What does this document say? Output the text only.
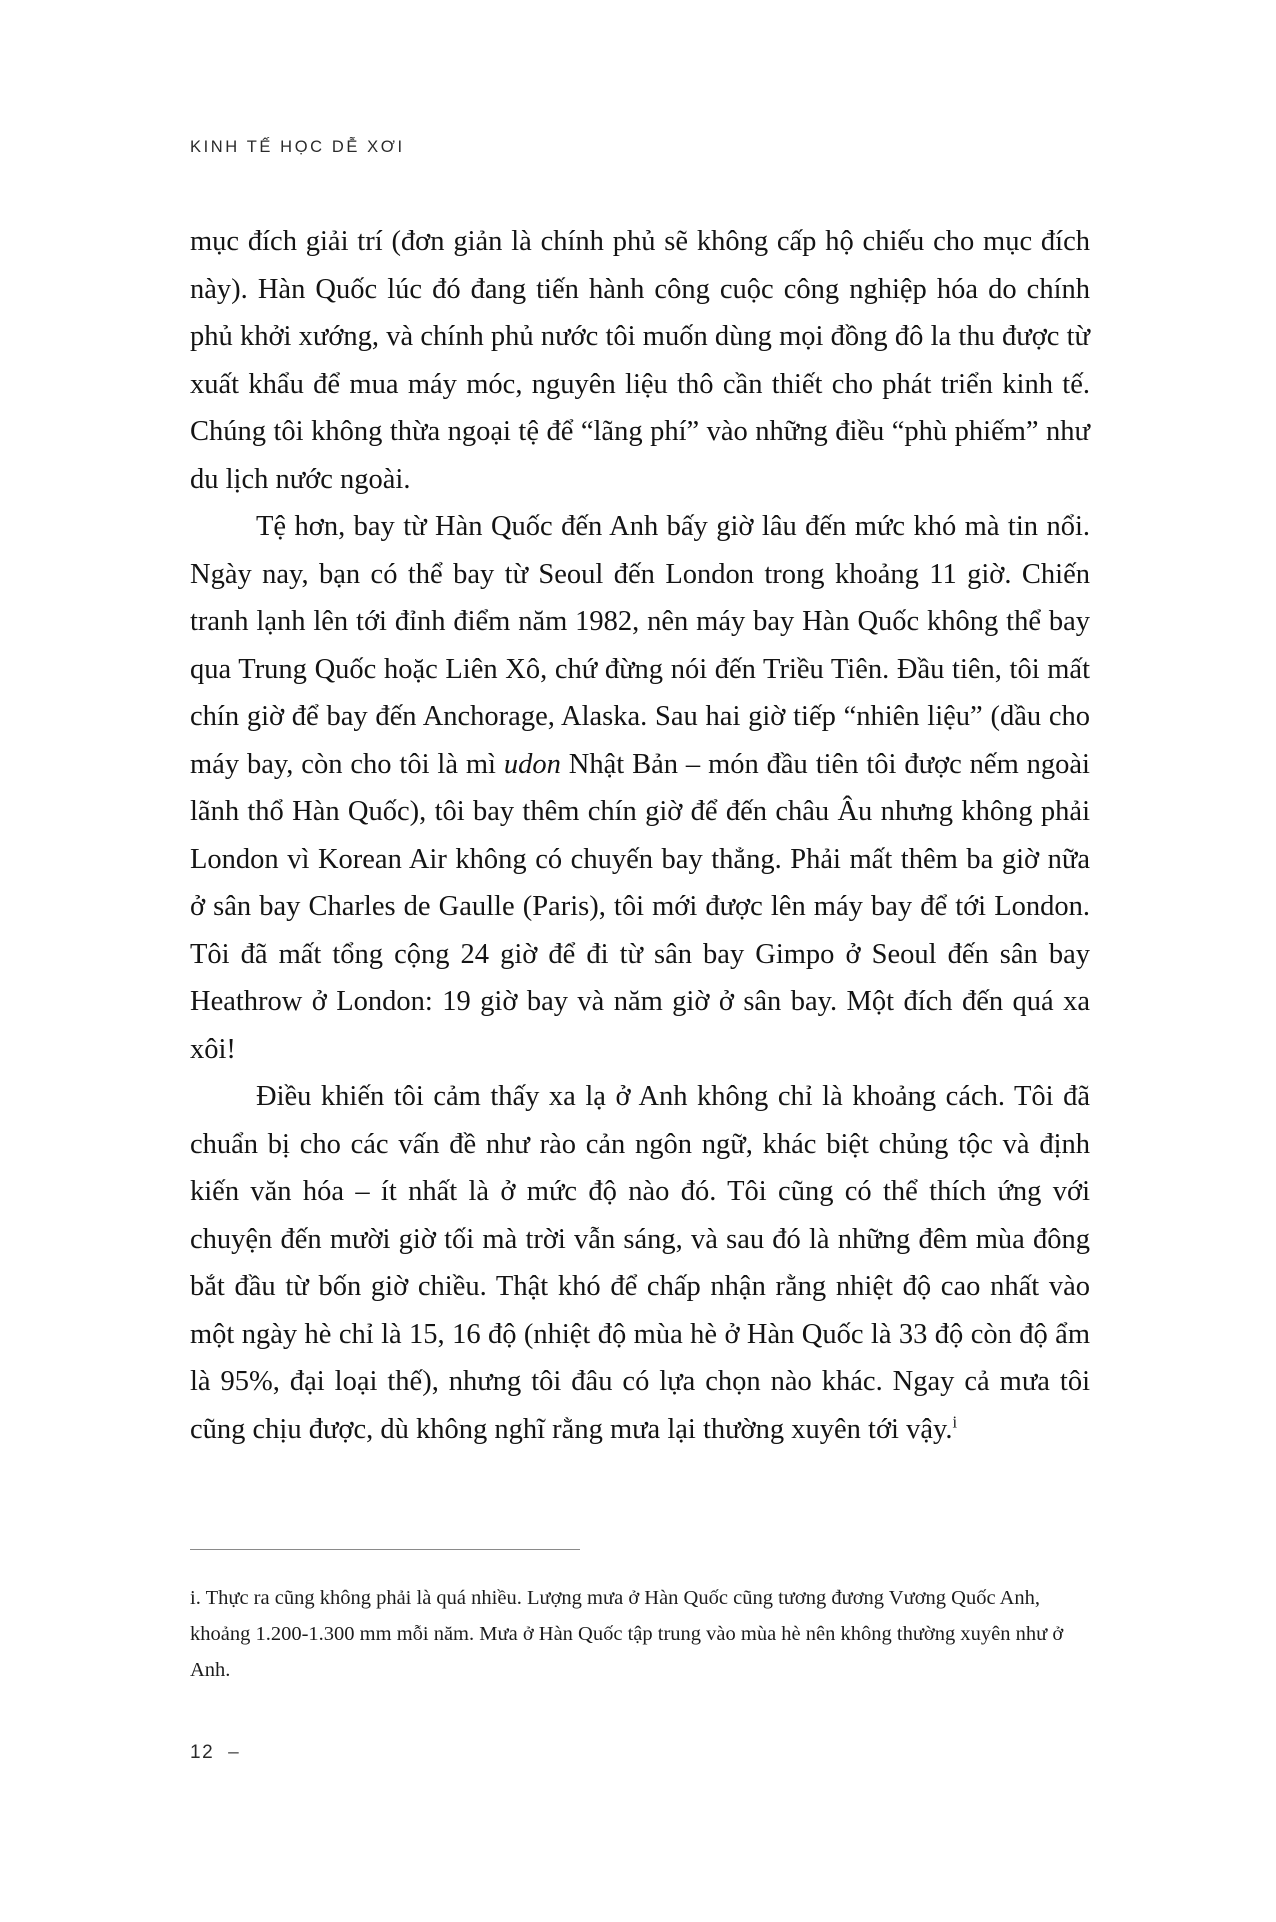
KINH TẾ HỌC DỄ XƠI

mục đích giải trí (đơn giản là chính phủ sẽ không cấp hộ chiếu cho mục đích này). Hàn Quốc lúc đó đang tiến hành công cuộc công nghiệp hóa do chính phủ khởi xướng, và chính phủ nước tôi muốn dùng mọi đồng đô la thu được từ xuất khẩu để mua máy móc, nguyên liệu thô cần thiết cho phát triển kinh tế. Chúng tôi không thừa ngoại tệ để “lãng phí” vào những điều “phù phiếm” như du lịch nước ngoài.

Tệ hơn, bay từ Hàn Quốc đến Anh bấy giờ lâu đến mức khó mà tin nổi. Ngày nay, bạn có thể bay từ Seoul đến London trong khoảng 11 giờ. Chiến tranh lạnh lên tới đỉnh điểm năm 1982, nên máy bay Hàn Quốc không thể bay qua Trung Quốc hoặc Liên Xô, chứ đừng nói đến Triều Tiên. Đầu tiên, tôi mất chín giờ để bay đến Anchorage, Alaska. Sau hai giờ tiếp “nhiên liệu” (dầu cho máy bay, còn cho tôi là mì udon Nhật Bản – món đầu tiên tôi được nếm ngoài lãnh thổ Hàn Quốc), tôi bay thêm chín giờ để đến châu Âu nhưng không phải London vì Korean Air không có chuyến bay thẳng. Phải mất thêm ba giờ nữa ở sân bay Charles de Gaulle (Paris), tôi mới được lên máy bay để tới London. Tôi đã mất tổng cộng 24 giờ để đi từ sân bay Gimpo ở Seoul đến sân bay Heathrow ở London: 19 giờ bay và năm giờ ở sân bay. Một đích đến quá xa xôi!

Điều khiến tôi cảm thấy xa lạ ở Anh không chỉ là khoảng cách. Tôi đã chuẩn bị cho các vấn đề như rào cản ngôn ngữ, khác biệt chủng tộc và định kiến văn hóa – ít nhất là ở mức độ nào đó. Tôi cũng có thể thích ứng với chuyện đến mười giờ tối mà trời vẫn sáng, và sau đó là những đêm mùa đông bắt đầu từ bốn giờ chiều. Thật khó để chấp nhận rằng nhiệt độ cao nhất vào một ngày hè chỉ là 15, 16 độ (nhiệt độ mùa hè ở Hàn Quốc là 33 độ còn độ ẩm là 95%, đại loại thế), nhưng tôi đâu có lựa chọn nào khác. Ngay cả mưa tôi cũng chịu được, dù không nghĩ rằng mưa lại thường xuyên tới vậy.$^i$

i. Thực ra cũng không phải là quá nhiều. Lượng mưa ở Hàn Quốc cũng tương đương Vương Quốc Anh, khoảng 1.200-1.300 mm mỗi năm. Mưa ở Hàn Quốc tập trung vào mùa hè nên không thường xuyên như ở Anh.

12 –
